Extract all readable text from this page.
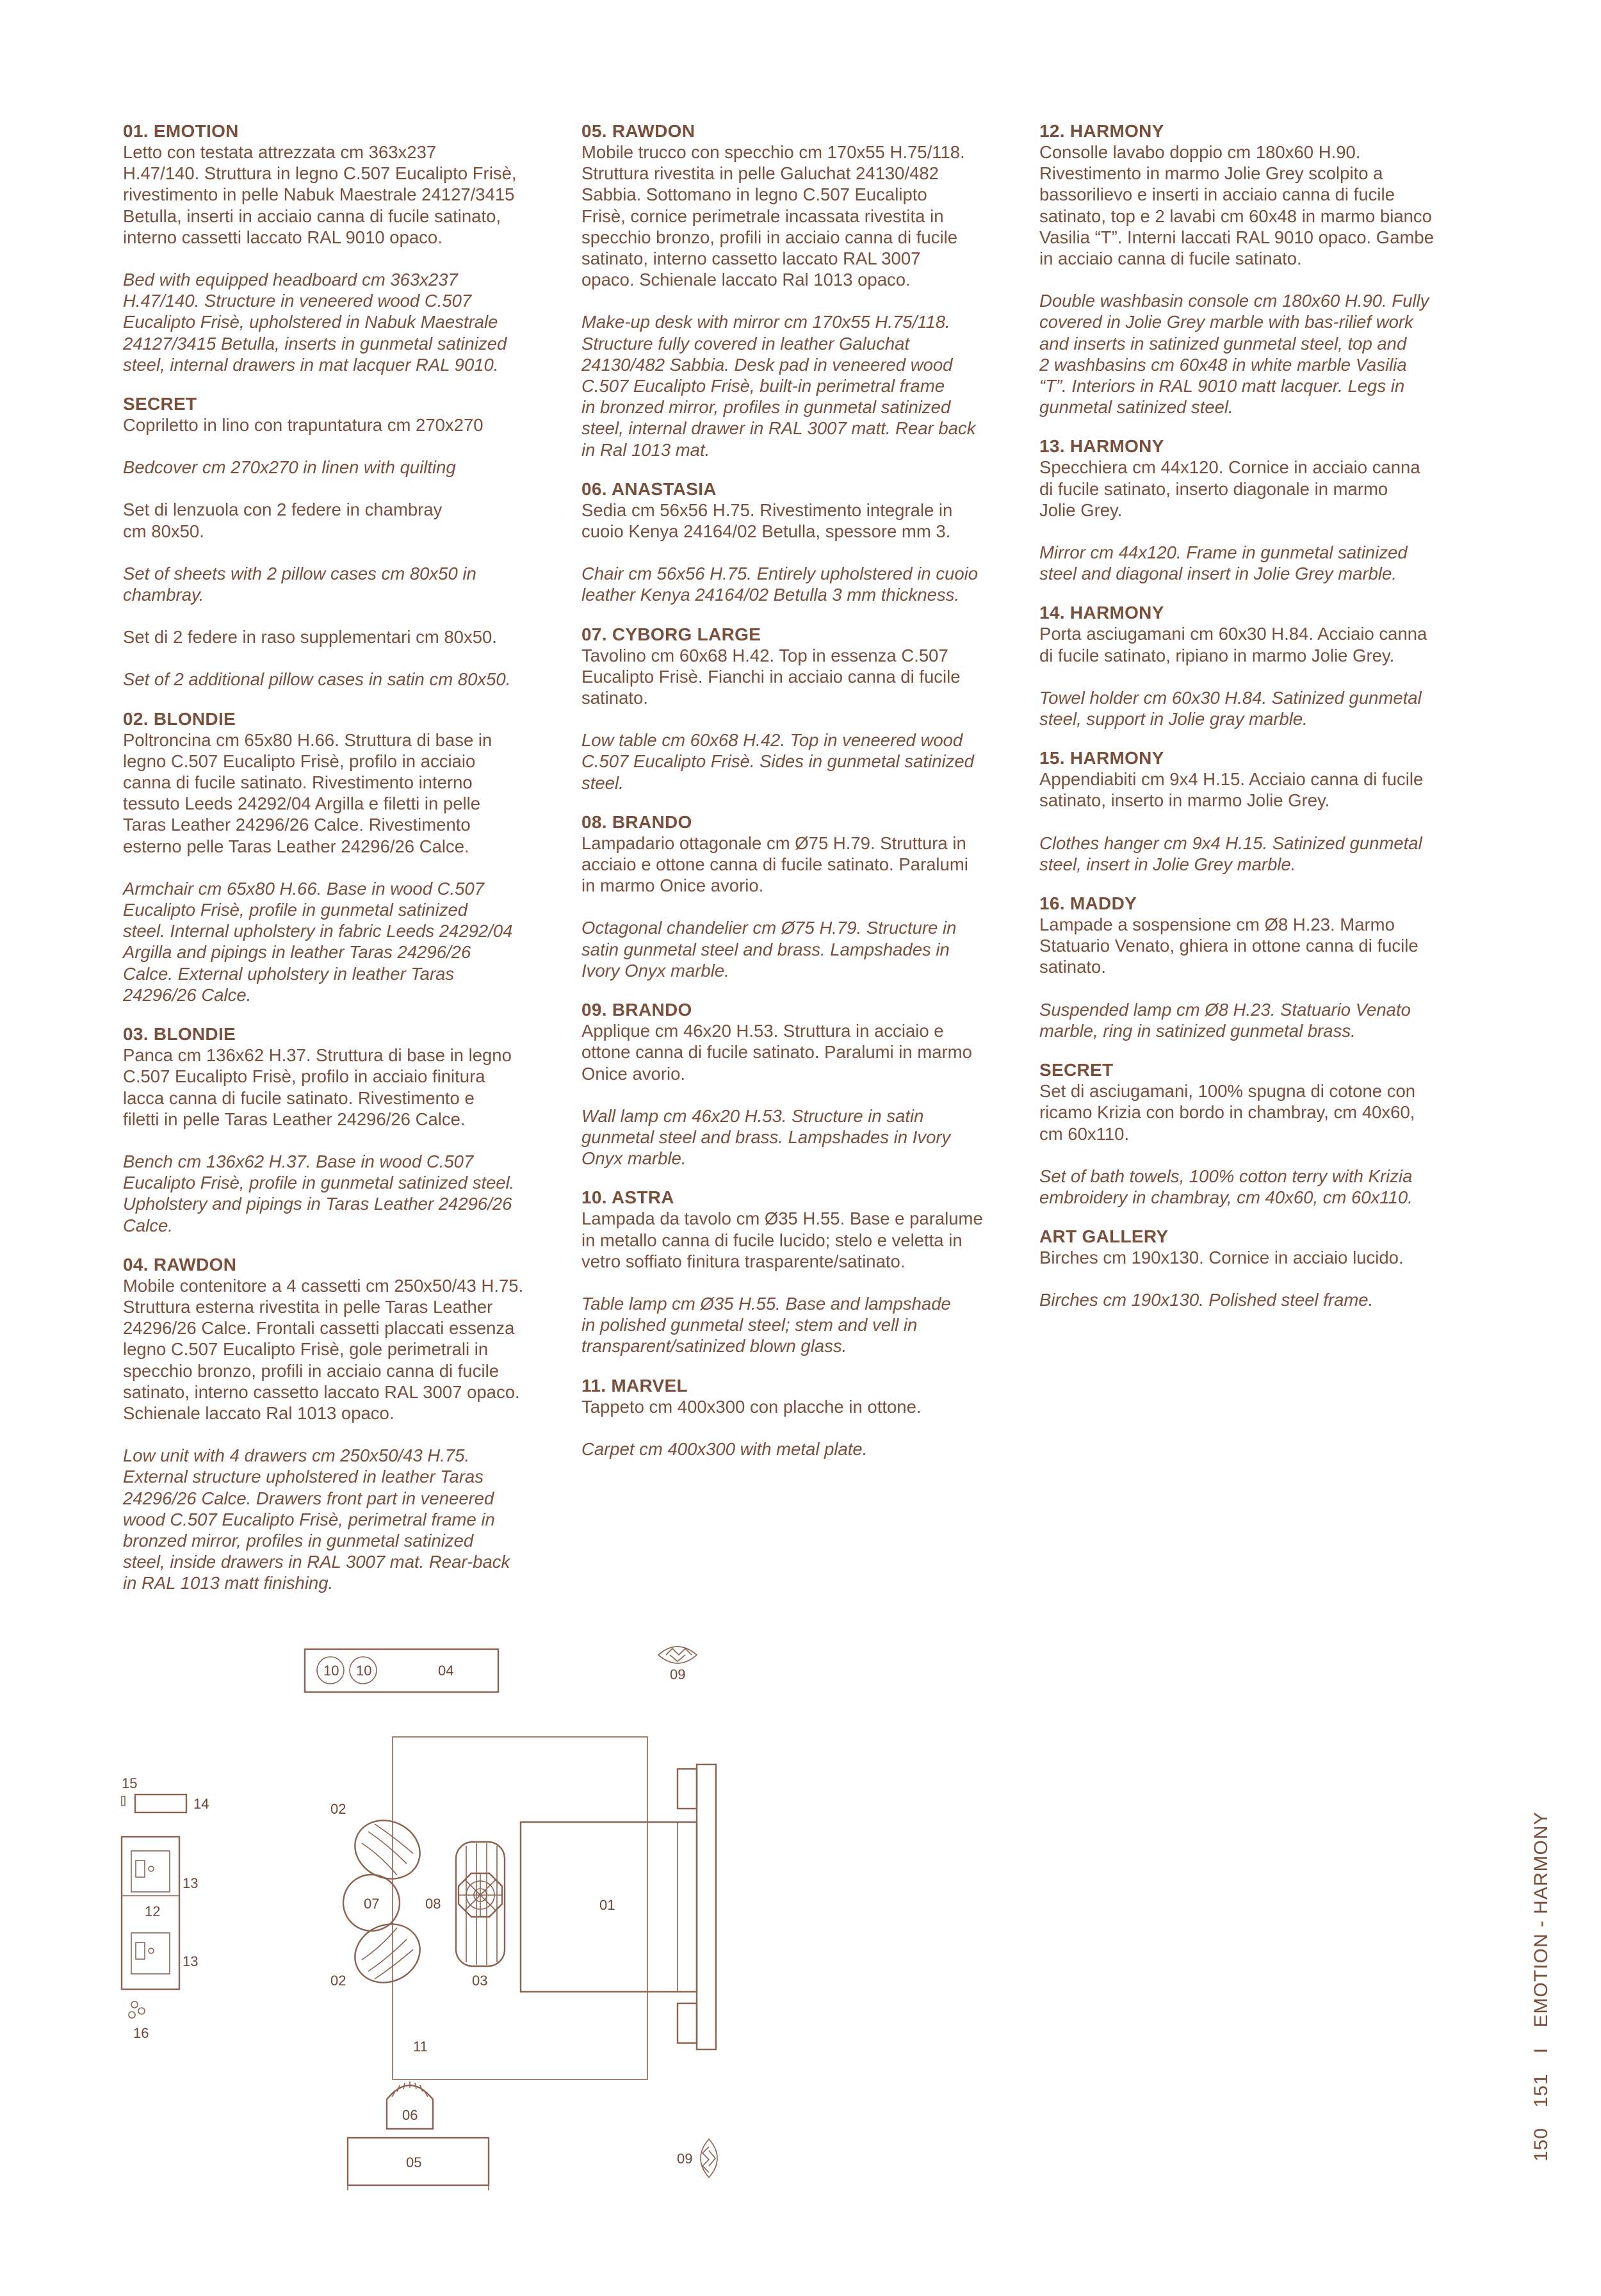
01. EMOTION

Letto con testata attrezzata cm 363x237
H.47/140. Struttura in legno C.507 Eucalipto Frisè,
rivestimento in pelle Nabuk Maestrale 24127/3415
Betulla, inserti in acciaio canna di fucile satinato,
interno cassetti laccato RAL 9010 opaco.

Bed with equipped headboard cm 363x237
H.47/140. Structure in veneered wood C.507
Eucalipto Frisè, upholstered in Nabuk Maestrale
24127/3415 Betulla, inserts in gunmetal satinized
steel, internal drawers in mat lacquer RAL 9010.

SECRET

Copriletto in lino con trapuntatura cm 270x270

Bedcover cm 270x270 in linen with quilting

Set di lenzuola con 2 federe in chambray
cm 80x50.

Set of sheets with 2 pillow cases cm 80x50 in
chambray.

Set di 2 federe in raso supplementari cm 80x50.

Set of 2 additional pillow cases in satin cm 80x50.

02. BLONDIE

Poltroncina cm 65x80 H.66. Struttura di base in
legno C.507 Eucalipto Frisè, profilo in acciaio
canna di fucile satinato. Rivestimento interno
tessuto Leeds 24292/04 Argilla e filetti in pelle
Taras Leather 24296/26 Calce. Rivestimento
esterno pelle Taras Leather 24296/26 Calce.

Armchair cm 65x80 H.66. Base in wood C.507
Eucalipto Frisè, profile in gunmetal satinized
steel. Internal upholstery in fabric Leeds 24292/04
Argilla and pipings in leather Taras 24296/26
Calce. External upholstery in leather Taras
24296/26 Calce.

03. BLONDIE

Panca cm 136x62 H.37. Struttura di base in legno
C.507 Eucalipto Frisè, profilo in acciaio finitura
lacca canna di fucile satinato. Rivestimento e
filetti in pelle Taras Leather 24296/26 Calce.

Bench cm 136x62 H.37. Base in wood C.507
Eucalipto Frisè, profile in gunmetal satinized steel.
Upholstery and pipings in Taras Leather 24296/26
Calce.

04. RAWDON

Mobile contenitore a 4 cassetti cm 250x50/43 H.75.
Struttura esterna rivestita in pelle Taras Leather
24296/26 Calce. Frontali cassetti placcati essenza
legno C.507 Eucalipto Frisè, gole perimetrali in
specchio bronzo, profili in acciaio canna di fucile
satinato, interno cassetto laccato RAL 3007 opaco.
Schienale laccato Ral 1013 opaco.

Low unit with 4 drawers cm 250x50/43 H.75.
External structure upholstered in leather Taras
24296/26 Calce. Drawers front part in veneered
wood C.507 Eucalipto Frisè, perimetral frame in
bronzed mirror, profiles in gunmetal satinized
steel, inside drawers in RAL 3007 mat. Rear-back
in RAL 1013 matt finishing.

05. RAWDON

Mobile trucco con specchio cm 170x55 H.75/118.
Struttura rivestita in pelle Galuchat 24130/482
Sabbia. Sottomano in legno C.507 Eucalipto
Frisè, cornice perimetrale incassata rivestita in
specchio bronzo, profili in acciaio canna di fucile
satinato, interno cassetto laccato RAL 3007
opaco. Schienale laccato Ral 1013 opaco.

Make-up desk with mirror cm 170x55 H.75/118.
Structure fully covered in leather Galuchat
24130/482 Sabbia. Desk pad in veneered wood
C.507 Eucalipto Frisè, built-in perimetral frame
in bronzed mirror, profiles in gunmetal satinized
steel, internal drawer in RAL 3007 matt. Rear back
in Ral 1013 mat.

06. ANASTASIA

Sedia cm 56x56 H.75. Rivestimento integrale in
cuoio Kenya 24164/02 Betulla, spessore mm 3.

Chair cm 56x56 H.75. Entirely upholstered in cuoio
leather Kenya 24164/02 Betulla 3 mm thickness.

07. CYBORG LARGE

Tavolino cm 60x68 H.42. Top in essenza C.507
Eucalipto Frisè. Fianchi in acciaio canna di fucile
satinato.

Low table cm 60x68 H.42. Top in veneered wood
C.507 Eucalipto Frisè. Sides in gunmetal satinized
steel.

08. BRANDO

Lampadario ottagonale cm Ø75 H.79. Struttura in
acciaio e ottone canna di fucile satinato. Paralumi
in marmo Onice avorio.

Octagonal chandelier cm Ø75 H.79. Structure in
satin gunmetal steel and brass. Lampshades in
Ivory Onyx marble.

09. BRANDO

Applique cm 46x20 H.53. Struttura in acciaio e
ottone canna di fucile satinato. Paralumi in marmo
Onice avorio.

Wall lamp cm 46x20 H.53. Structure in satin
gunmetal steel and brass. Lampshades in Ivory
Onyx marble.

10. ASTRA

Lampada da tavolo cm Ø35 H.55. Base e paralume
in metallo canna di fucile lucido; stelo e veletta in
vetro soffiato finitura trasparente/satinato.

Table lamp cm Ø35 H.55. Base and lampshade
in polished gunmetal steel; stem and vell in
transparent/satinized blown glass.

11. MARVEL

Tappeto cm 400x300 con placche in ottone.

Carpet cm 400x300 with metal plate.

12. HARMONY

Consolle lavabo doppio cm 180x60 H.90.
Rivestimento in marmo Jolie Grey scolpito a
bassorilievo e inserti in acciaio canna di fucile
satinato, top e 2 lavabi cm 60x48 in marmo bianco
Vasilia “T”. Interni laccati RAL 9010 opaco. Gambe
in acciaio canna di fucile satinato.

Double washbasin console cm 180x60 H.90. Fully
covered in Jolie Grey marble with bas-rilief work
and inserts in satinized gunmetal steel, top and
2 washbasins cm 60x48 in white marble Vasilia
“T”. Interiors in RAL 9010 matt lacquer. Legs in
gunmetal satinized steel.

13. HARMONY

Specchiera cm 44x120. Cornice in acciaio canna
di fucile satinato, inserto diagonale in marmo
Jolie Grey.

Mirror cm 44x120. Frame in gunmetal satinized
steel and diagonal insert in Jolie Grey marble.

14. HARMONY

Porta asciugamani cm 60x30 H.84. Acciaio canna
di fucile satinato, ripiano in marmo Jolie Grey.

Towel holder cm 60x30 H.84. Satinized gunmetal
steel, support in Jolie gray marble.

15. HARMONY

Appendiabiti cm 9x4 H.15. Acciaio canna di fucile
satinato, inserto in marmo Jolie Grey.

Clothes hanger cm 9x4 H.15. Satinized gunmetal
steel, insert in Jolie Grey marble.

16. MADDY

Lampade a sospensione cm Ø8 H.23. Marmo
Statuario Venato, ghiera in ottone canna di fucile
satinato.

Suspended lamp cm Ø8 H.23. Statuario Venato
marble, ring in satinized gunmetal brass.

SECRET

Set di asciugamani, 100% spugna di cotone con
ricamo Krizia con bordo in chambray, cm 40x60,
cm 60x110.

Set of bath towels, 100% cotton terry with Krizia
embroidery in chambray, cm 40x60, cm 60x110.

ART GALLERY

Birches cm 190x130. Cornice in acciaio lucido.

Birches cm 190x130. Polished steel frame.

10 10	04	09
01
11
02
02
07
03
08
06
05	09
15
14
13
12
13
16
150 151 I EMOTION - HARMONY
